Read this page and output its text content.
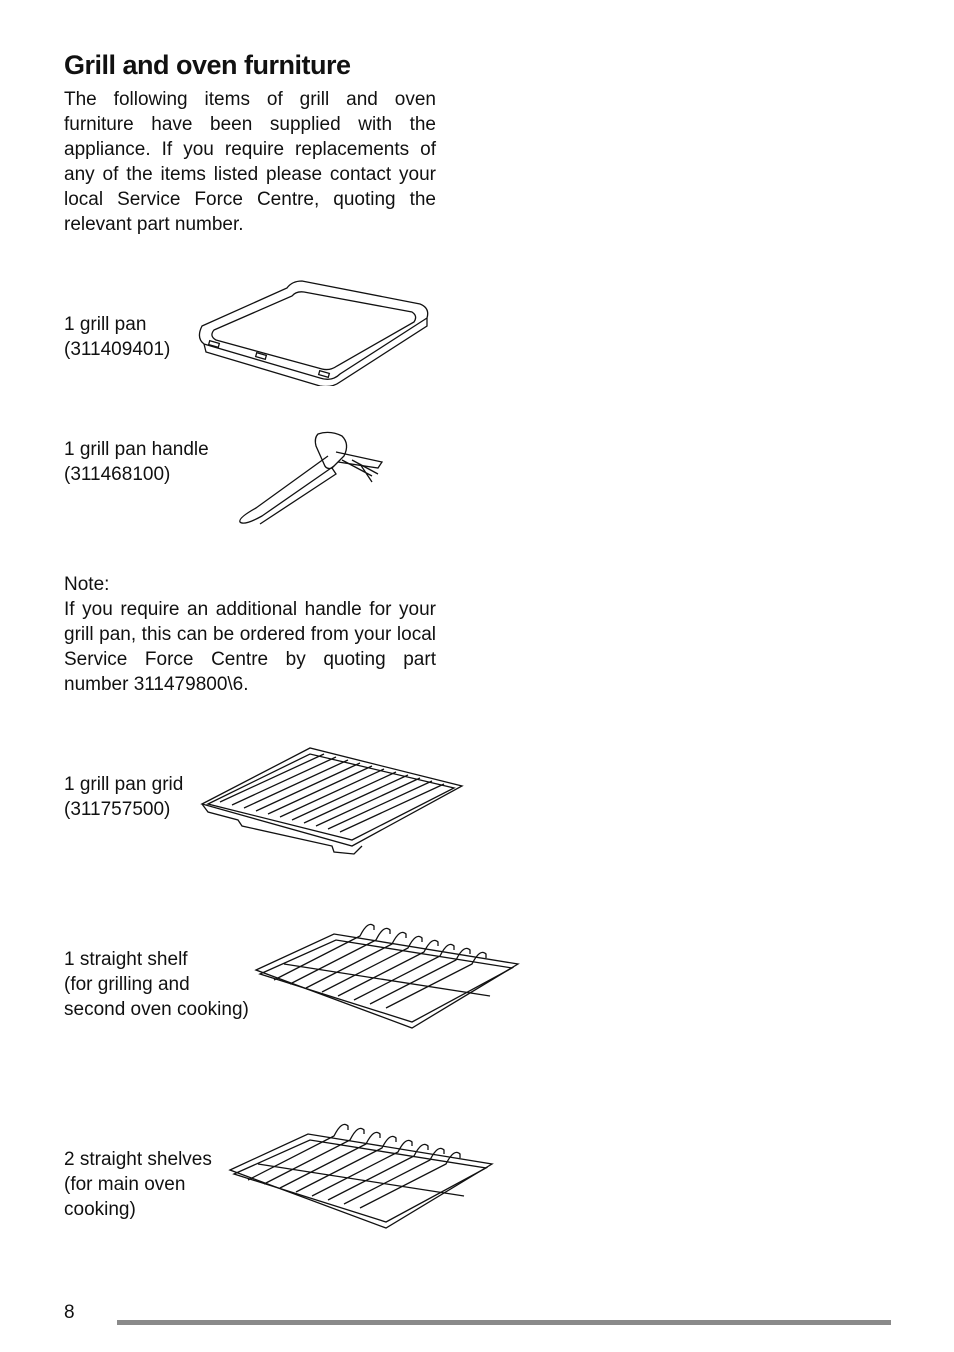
Grill and oven furniture
The following items of grill and oven furniture have been supplied with the appliance. If you require replacements of any of the items listed please contact your local Service Force Centre, quoting the relevant part number.
1 grill pan
(311409401)
1 grill pan handle
(311468100)
Note:
If you require an additional handle for your grill pan, this can be ordered from your local Service Force Centre by quoting part number 311479800\6.
1 grill pan grid
(311757500)
1 straight shelf
(for grilling and
second oven cooking)
2 straight shelves
(for main oven
cooking)
8
